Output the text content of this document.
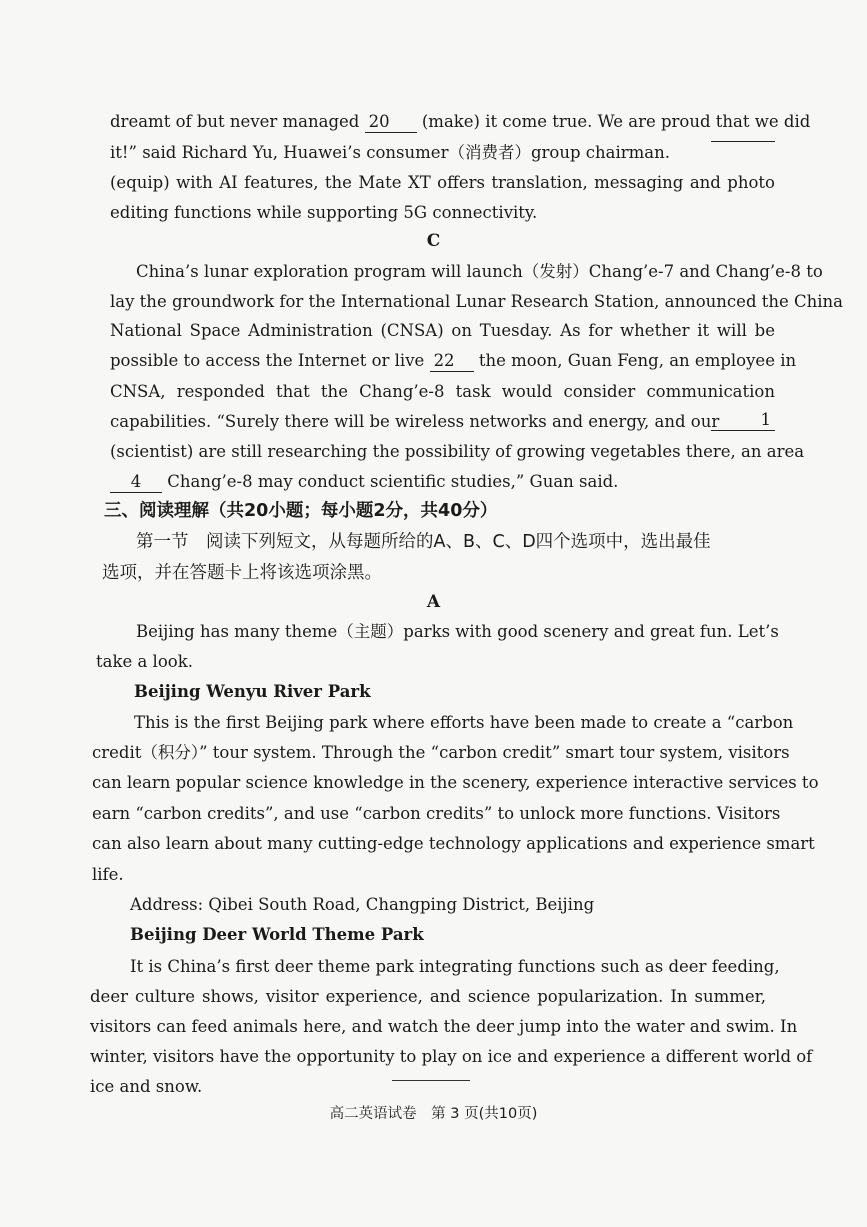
dreamt of but never managed 20 (make) it come true. We are proud that we did
it!” said Richard Yu, Huawei’s consumer（消费者）group chairman.
(equip) with AI features, the Mate XT offers translation, messaging and photo
editing functions while supporting 5G connectivity.
C
China’s lunar exploration program will launch（发射）Chang’e-7 and Chang’e-8 to
lay the groundwork for the International Lunar Research Station, announced the China
National Space Administration (CNSA) on Tuesday. As for whether it will be
possible to access the Internet or live 22 the moon, Guan Feng, an employee in
CNSA, responded that the Chang’e-8 task would consider communication
capabilities. “Surely there will be wireless networks and energy, and our	1
(scientist) are still researching the possibility of growing vegetables there, an area
4 Chang’e-8 may conduct scientific studies,” Guan said.
三、阅读理解（共20小题；每小题2分，共40分）
第一节　阅读下列短文，从每题所给的A、B、C、D四个选项中，选出最佳
选项，并在答题卡上将该选项涂黑。
A
Beijing has many theme（主题）parks with good scenery and great fun. Let’s
take a look.
Beijing Wenyu River Park
This is the first Beijing park where efforts have been made to create a “carbon
credit（积分）” tour system. Through the “carbon credit” smart tour system, visitors
can learn popular science knowledge in the scenery, experience interactive services to
earn “carbon credits”, and use “carbon credits” to unlock more functions. Visitors
can also learn about many cutting-edge technology applications and experience smart
life.
Address: Qibei South Road, Changping District, Beijing
Beijing Deer World Theme Park
It is China’s first deer theme park integrating functions such as deer feeding,
deer culture shows, visitor experience, and science popularization. In summer,
visitors can feed animals here, and watch the deer jump into the water and swim. In
winter, visitors have the opportunity to play on ice and experience a different world of
ice and snow.
高二英语试卷　第 3 页(共10页)
